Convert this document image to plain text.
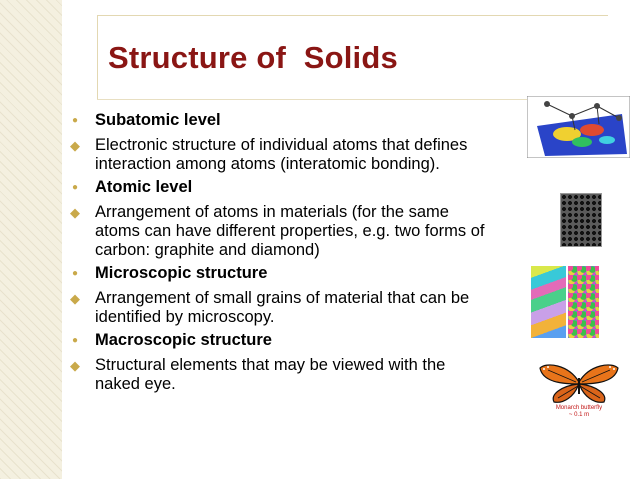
Structure of  Solids
● Subatomic level

◆ Electronic structure of individual atoms that defines

interaction among atoms (interatomic bonding).

● Atomic level

◆ Arrangement of atoms in materials (for the same

atoms can have different properties, e.g. two forms of

carbon: graphite and diamond)

● Microscopic structure

◆ Arrangement of small grains of material that can be

identified by microscopy.

● Macroscopic structure

◆ Structural elements that may be viewed with the

naked eye.

Monarch butterfly

~ 0.1 m
